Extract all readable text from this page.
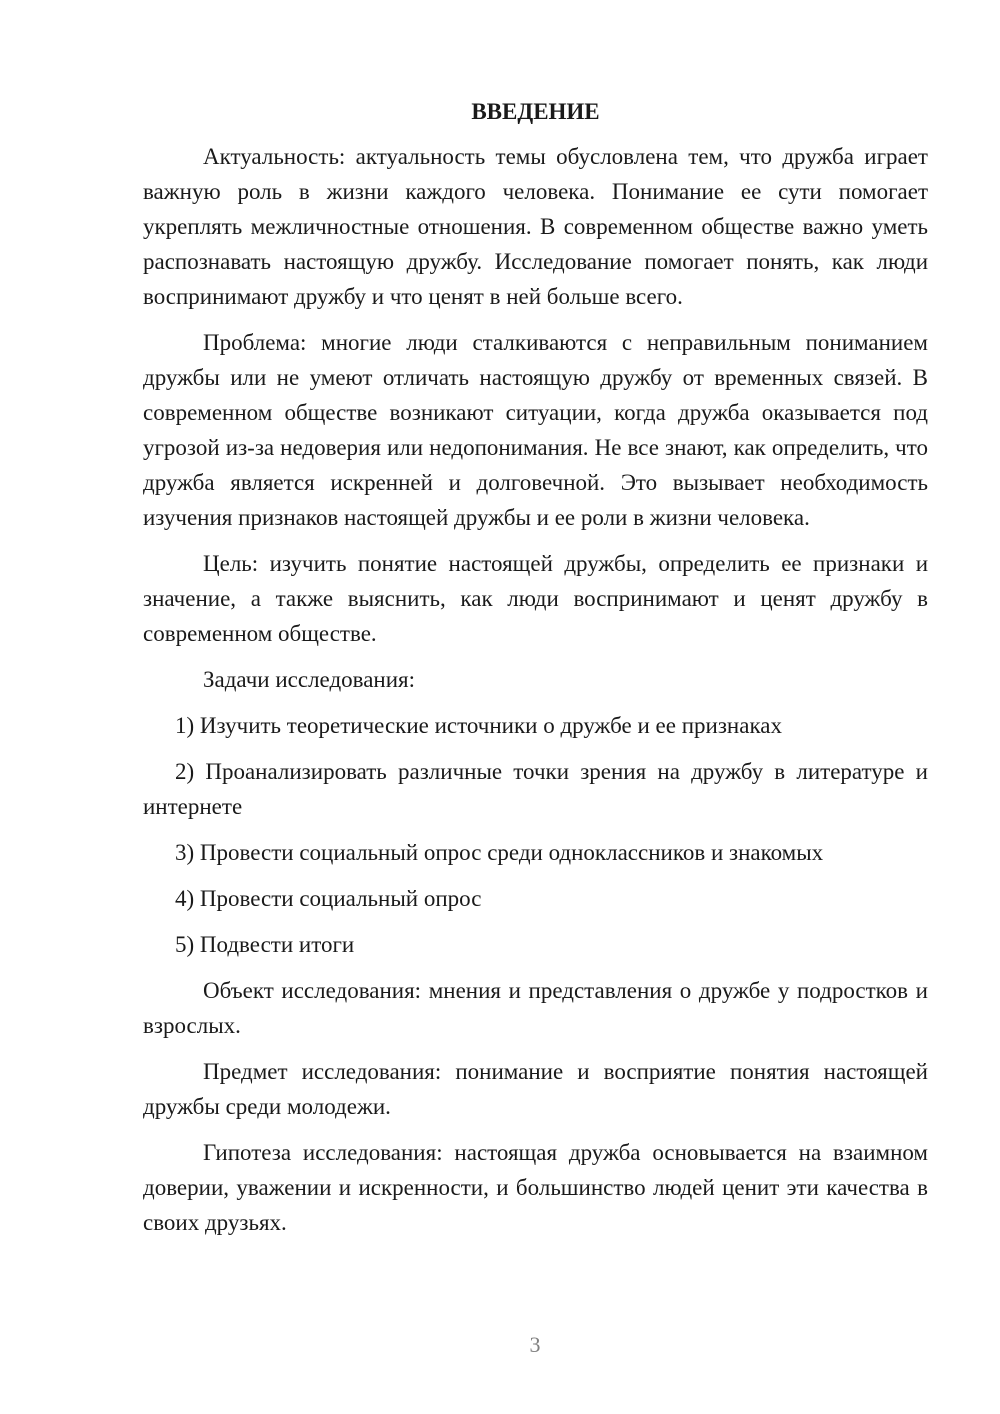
ВВЕДЕНИЕ

Актуальность: актуальность темы обусловлена тем, что дружба играет важную роль в жизни каждого человека. Понимание ее сути помогает укреплять межличностные отношения. В современном обществе важно уметь распознавать настоящую дружбу. Исследование помогает понять, как люди воспринимают дружбу и что ценят в ней больше всего.

Проблема: многие люди сталкиваются с неправильным пониманием дружбы или не умеют отличать настоящую дружбу от временных связей. В современном обществе возникают ситуации, когда дружба оказывается под угрозой из-за недоверия или недопонимания. Не все знают, как определить, что дружба является искренней и долговечной. Это вызывает необходимость изучения признаков настоящей дружбы и ее роли в жизни человека.

Цель: изучить понятие настоящей дружбы, определить ее признаки и значение, а также выяснить, как люди воспринимают и ценят дружбу в современном обществе.

Задачи исследования:

1) Изучить теоретические источники о дружбе и ее признаках

2) Проанализировать различные точки зрения на дружбу в литературе и интернете

3) Провести социальный опрос среди одноклассников и знакомых

4) Провести социальный опрос

5) Подвести итоги

Объект исследования: мнения и представления о дружбе у подростков и взрослых.

Предмет исследования: понимание и восприятие понятия настоящей дружбы среди молодежи.

Гипотеза исследования: настоящая дружба основывается на взаимном доверии, уважении и искренности, и большинство людей ценит эти качества в своих друзьях.

3
